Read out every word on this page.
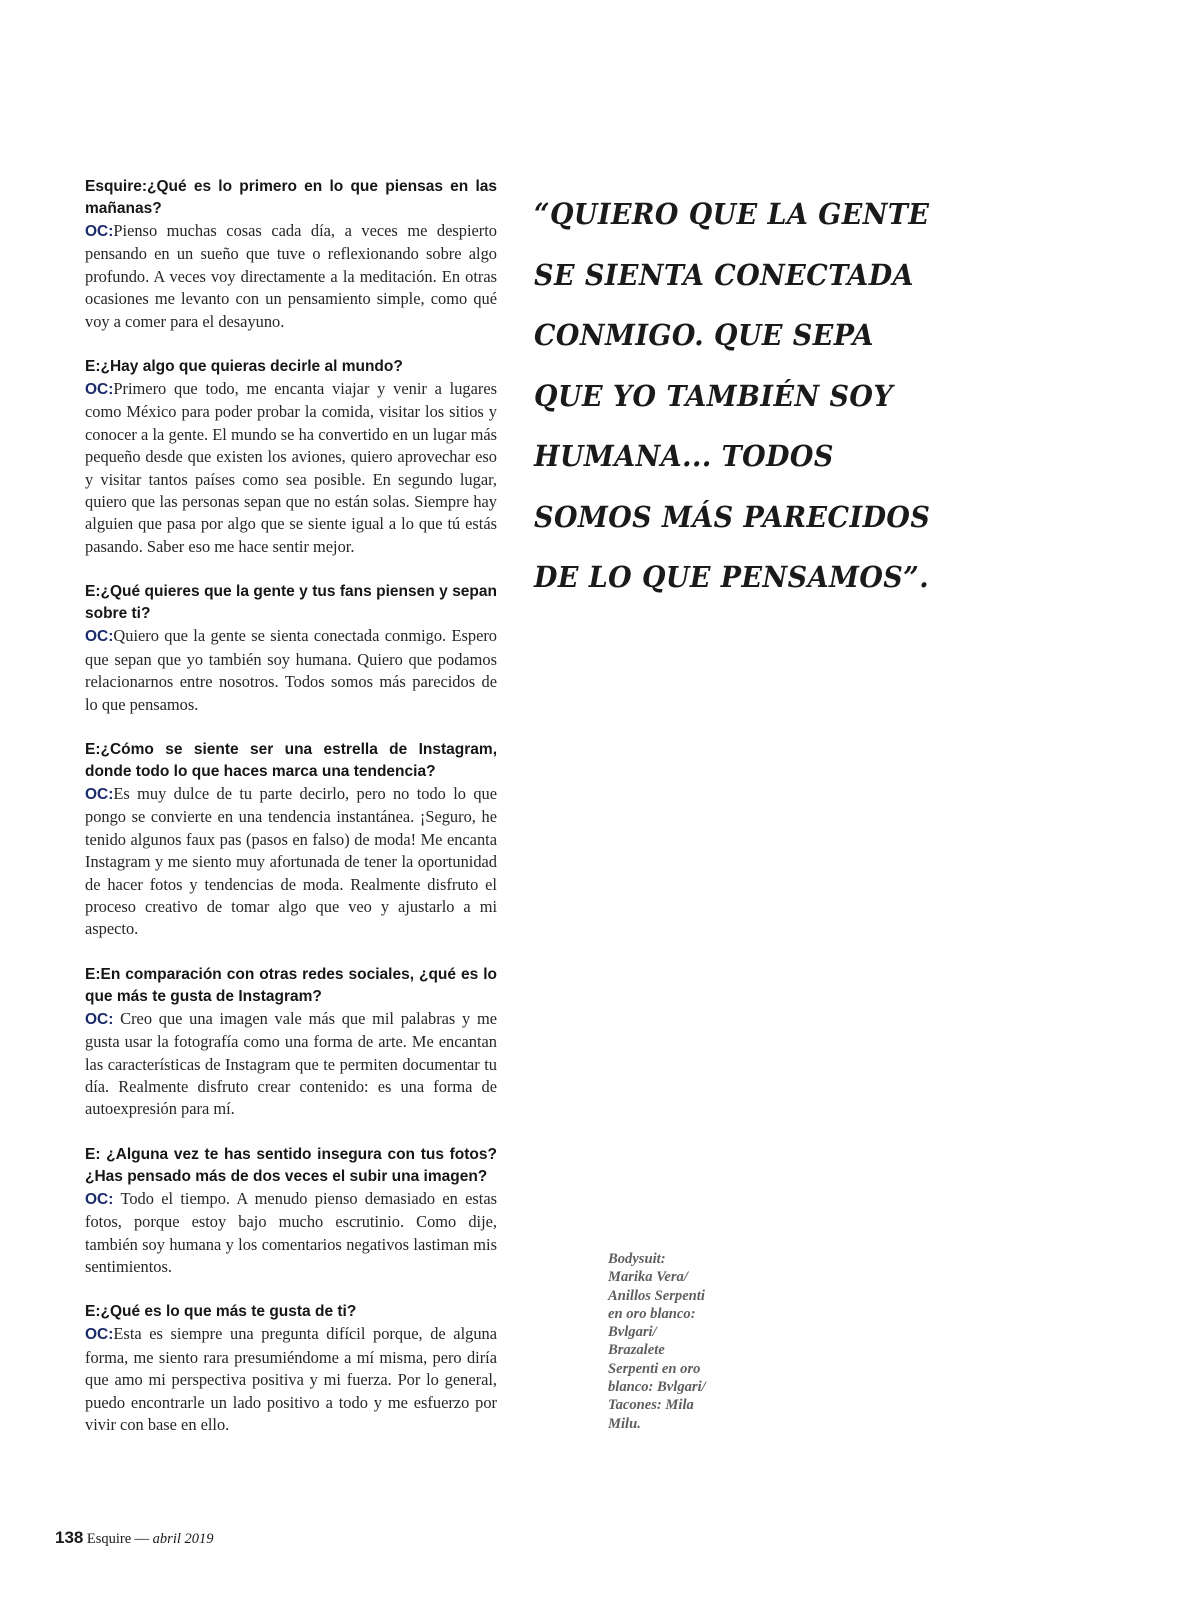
Esquire:¿Qué es lo primero en lo que piensas en las mañanas?

OC:Pienso muchas cosas cada día, a veces me despierto pensando en un sueño que tuve o reflexionando sobre algo profundo. A veces voy directamente a la meditación. En otras ocasiones me levanto con un pensamiento simple, como qué voy a comer para el desayuno.

E:¿Hay algo que quieras decirle al mundo?

OC:Primero que todo, me encanta viajar y venir a lugares como México para poder probar la comida, visitar los sitios y conocer a la gente. El mundo se ha convertido en un lugar más pequeño desde que existen los aviones, quiero aprovechar eso y visitar tantos países como sea posible. En segundo lugar, quiero que las personas sepan que no están solas. Siempre hay alguien que pasa por algo que se siente igual a lo que tú estás pasando. Saber eso me hace sentir mejor.

E:¿Qué quieres que la gente y tus fans piensen y sepan sobre ti?

OC:Quiero que la gente se sienta conectada conmigo. Espero que sepan que yo también soy humana. Quiero que podamos relacionarnos entre nosotros. Todos somos más parecidos de lo que pensamos.

E:¿Cómo se siente ser una estrella de Instagram, donde todo lo que haces marca una tendencia?

OC:Es muy dulce de tu parte decirlo, pero no todo lo que pongo se convierte en una tendencia instantánea. ¡Seguro, he tenido algunos faux pas (pasos en falso) de moda! Me encanta Instagram y me siento muy afortunada de tener la oportunidad de hacer fotos y tendencias de moda. Realmente disfruto el proceso creativo de tomar algo que veo y ajustarlo a mi aspecto.

E:En comparación con otras redes sociales, ¿qué es lo que más te gusta de Instagram?

OC: Creo que una imagen vale más que mil palabras y me gusta usar la fotografía como una forma de arte. Me encantan las características de Instagram que te permiten documentar tu día. Realmente disfruto crear contenido: es una forma de autoexpresión para mí.

E: ¿Alguna vez te has sentido insegura con tus fotos? ¿Has pensado más de dos veces el subir una imagen?

OC: Todo el tiempo. A menudo pienso demasiado en estas fotos, porque estoy bajo mucho escrutinio. Como dije, también soy humana y los comentarios negativos lastiman mis sentimientos.

E:¿Qué es lo que más te gusta de ti?

OC:Esta es siempre una pregunta difícil porque, de alguna forma, me siento rara presumiéndome a mí misma, pero diría que amo mi perspectiva positiva y mi fuerza. Por lo general, puedo encontrarle un lado positivo a todo y me esfuerzo por vivir con base en ello.

“QUIERO QUE LA GENTE
SE SIENTA CONECTADA
CONMIGO. QUE SEPA
QUE YO TAMBIÉN SOY
HUMANA... TODOS
SOMOS MÁS PARECIDOS
DE LO QUE PENSAMOS”.
Bodysuit:
Marika Vera/
Anillos Serpenti
en oro blanco:
Bvlgari/
Brazalete
Serpenti en oro
blanco: Bvlgari/
Tacones: Mila
Milu.
138 Esquire — abril 2019
